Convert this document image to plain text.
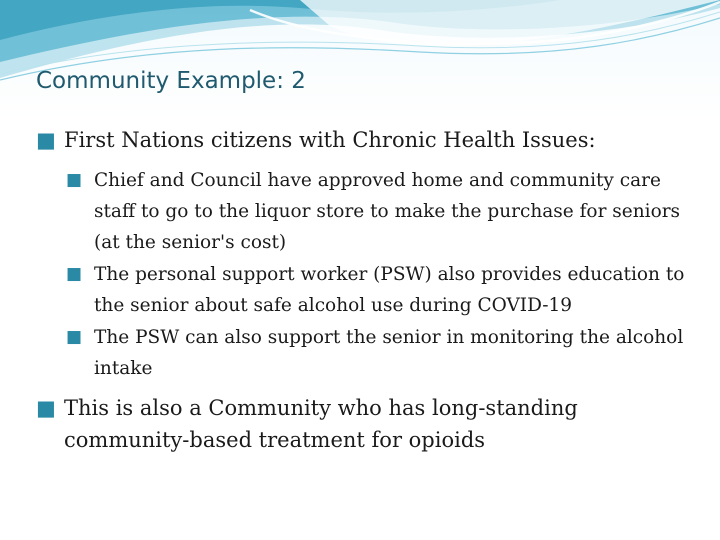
Community Example: 2

■ First Nations citizens with Chronic Health Issues:

■ Chief and Council have approved home and community care staff to go to the liquor store to make the purchase for seniors (at the senior's cost)

■ The personal support worker (PSW) also provides education to the senior about safe alcohol use during COVID-19

■ The PSW can also support the senior in monitoring the alcohol intake

■ This is also a Community who has long-standing community-based treatment for opioids
